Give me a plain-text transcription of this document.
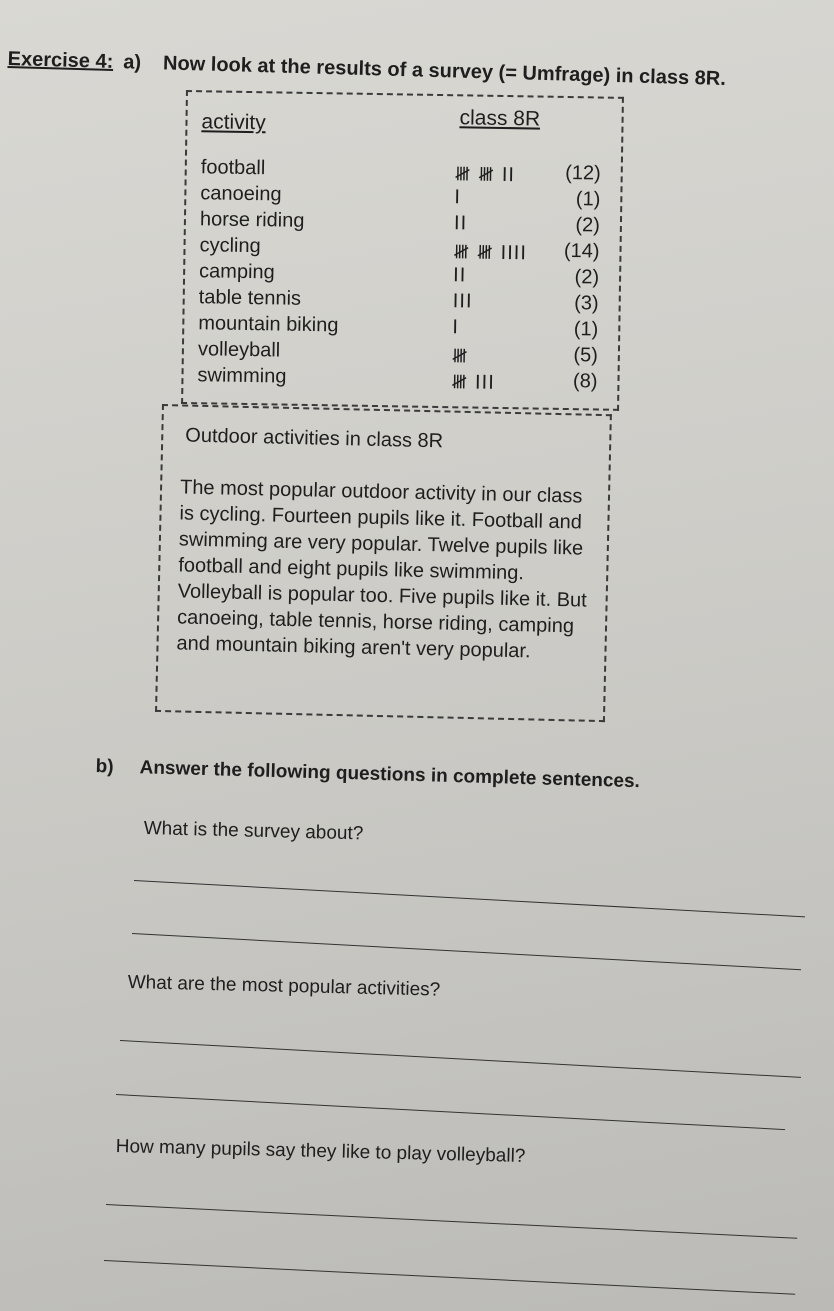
Exercise 4: a) Now look at the results of a survey (= Umfrage) in class 8R.
activity	class 8R
football	𝍸 𝍸 II	(12)
canoeing	I	(1)
horse riding	II	(2)
cycling	𝍸 𝍸 IIII	(14)
camping	II	(2)
table tennis	III	(3)
mountain biking	I	(1)
volleyball	𝍸	(5)
swimming	𝍸 III	(8)
Outdoor activities in class 8R

The most popular outdoor activity in our class is cycling. Fourteen pupils like it. Football and swimming are very popular. Twelve pupils like football and eight pupils like swimming. Volleyball is popular too. Five pupils like it. But canoeing, table tennis, horse riding, camping and mountain biking aren't very popular.

b) Answer the following questions in complete sentences.
What is the survey about?
What are the most popular activities?
How many pupils say they like to play volleyball?
